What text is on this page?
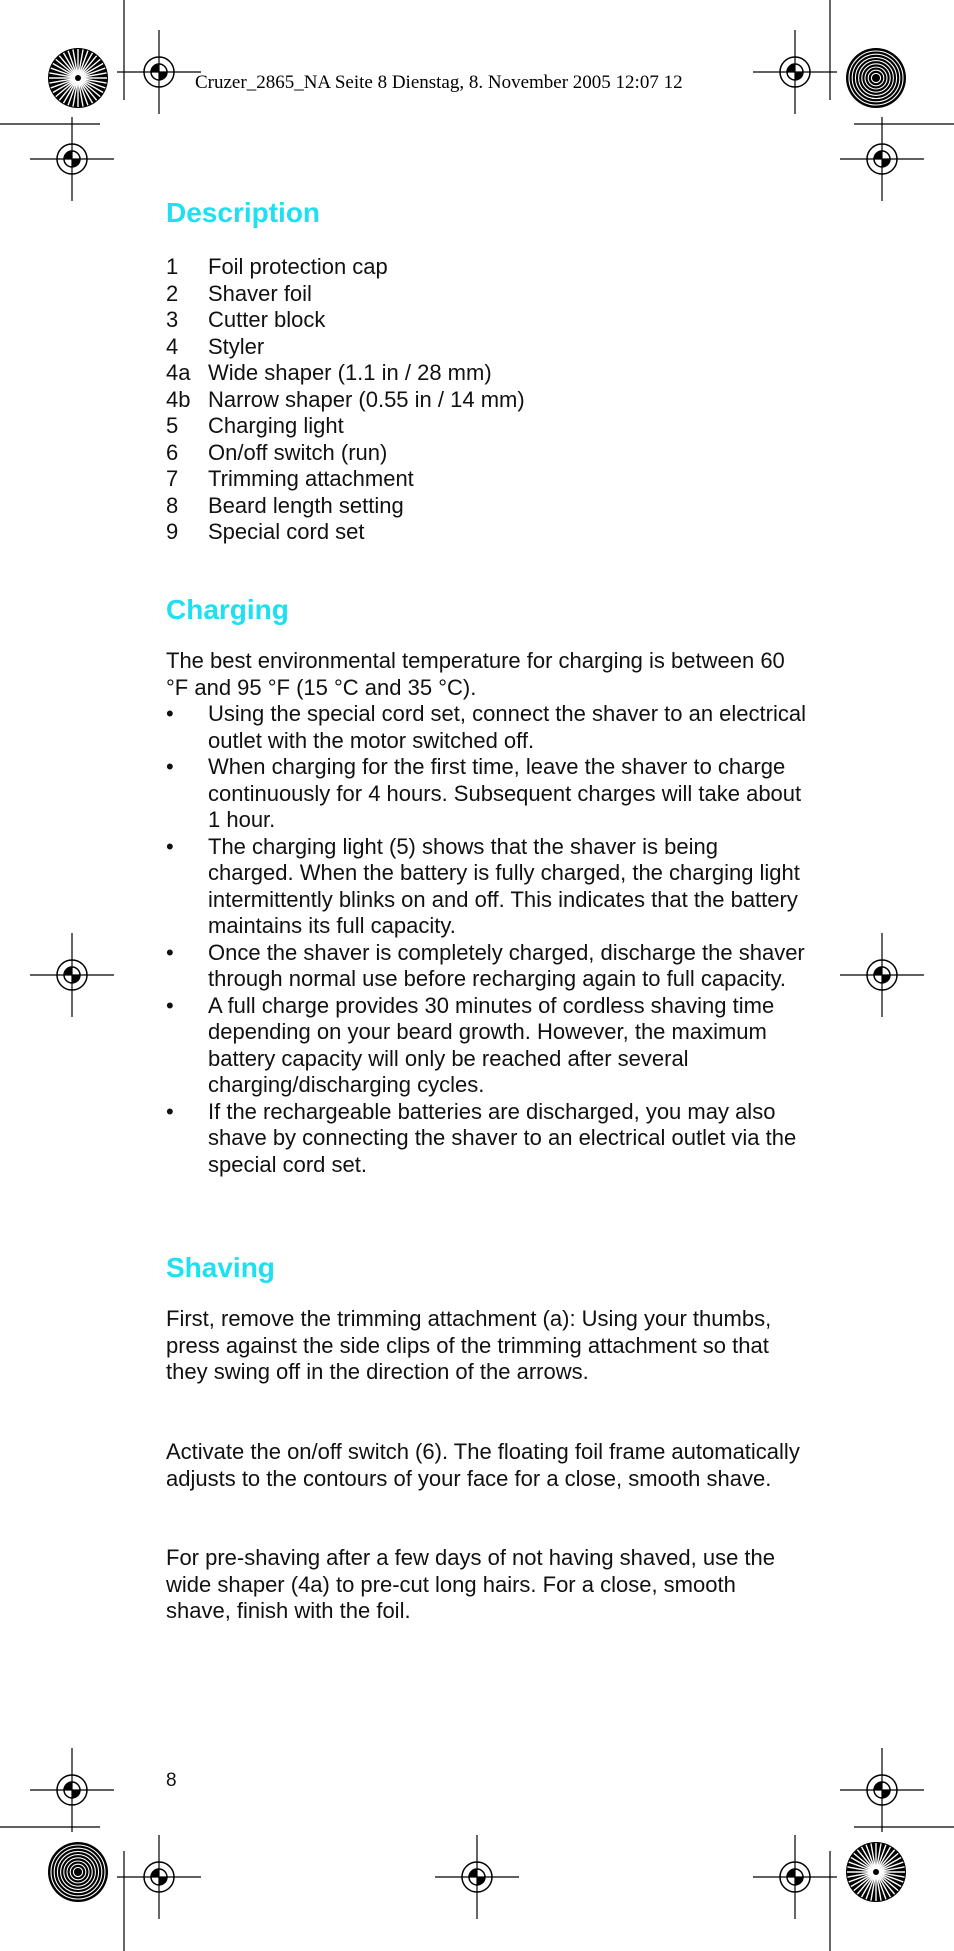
Cruzer_2865_NA Seite 8 Dienstag, 8. November 2005 12:07 12
Description
1	Foil protection cap
2	Shaver foil
3	Cutter block
4	Styler
4a Wide shaper (1.1 in / 28 mm)
4b Narrow shaper (0.55 in / 14 mm)
5	Charging light
6	On/off switch (run)
7	Trimming attachment
8	Beard length setting
9	Special cord set
Charging

The best environmental temperature for charging is between 60 °F and 95 °F (15 °C and 35 °C).

•	Using the special cord set, connect the shaver to an electrical outlet with the motor switched off.
•	When charging for the first time, leave the shaver to charge continuously for 4 hours. Subsequent charges will take about 1 hour.
•	The charging light (5) shows that the shaver is being charged. When the battery is fully charged, the charging light intermittently blinks on and off. This indicates that the battery maintains its full capacity.
•	Once the shaver is completely charged, discharge the shaver through normal use before recharging again to full capacity.
•	A full charge provides 30 minutes of cordless shaving time depending on your beard growth. However, the maximum battery capacity will only be reached after several charging/discharging cycles.
•	If the rechargeable batteries are discharged, you may also shave by connecting the shaver to an electrical outlet via the special cord set.
Shaving

First, remove the trimming attachment (a): Using your thumbs, press against the side clips of the trimming attachment so that they swing off in the direction of the arrows.

Activate the on/off switch (6). The floating foil frame automatically adjusts to the contours of your face for a close, smooth shave.

For pre-shaving after a few days of not having shaved, use the wide shaper (4a) to pre-cut long hairs. For a close, smooth shave, finish with the foil.

8
